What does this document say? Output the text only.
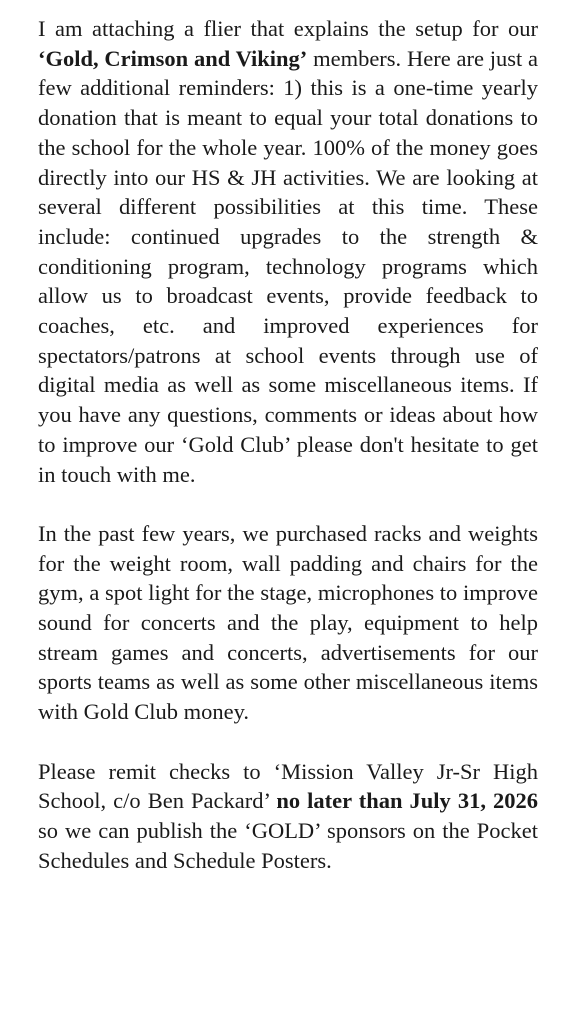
I am attaching a flier that explains the setup for our ‘Gold, Crimson and Viking’ members. Here are just a few additional reminders: 1) this is a one-time yearly donation that is meant to equal your total donations to the school for the whole year. 100% of the money goes directly into our HS & JH activities. We are looking at several different possibilities at this time. These include: continued upgrades to the strength & conditioning program, technology programs which allow us to broadcast events, provide feedback to coaches, etc. and improved experiences for spectators/patrons at school events through use of digital media as well as some miscellaneous items. If you have any questions, comments or ideas about how to improve our ‘Gold Club’ please don't hesitate to get in touch with me.

In the past few years, we purchased racks and weights for the weight room, wall padding and chairs for the gym, a spot light for the stage, microphones to improve sound for concerts and the play, equipment to help stream games and concerts, advertisements for our sports teams as well as some other miscellaneous items with Gold Club money.

Please remit checks to ‘Mission Valley Jr-Sr High School, c/o Ben Packard’ no later than July 31, 2026 so we can publish the ‘GOLD’ sponsors on the Pocket Schedules and Schedule Posters.
